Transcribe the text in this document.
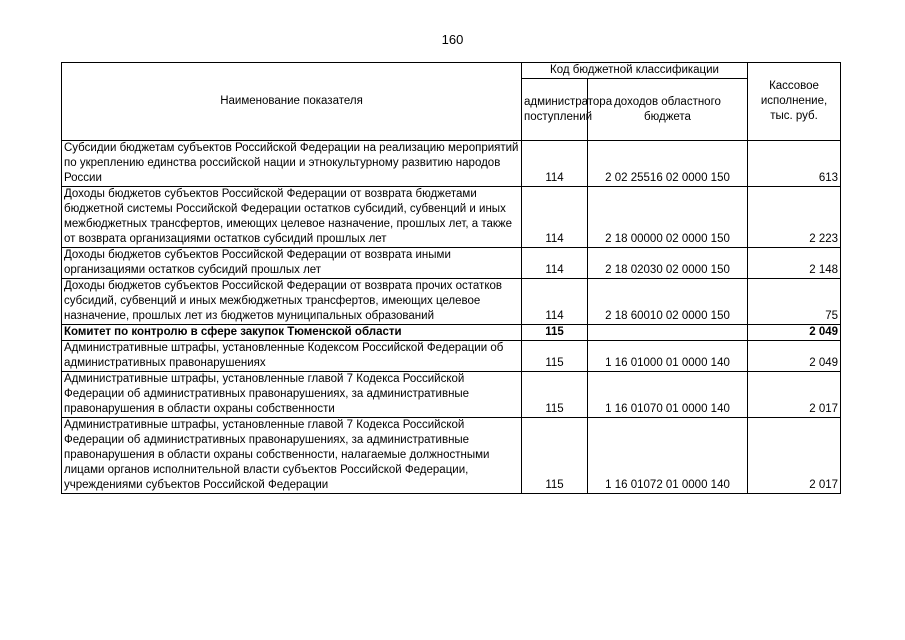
160
Наименование показателя	Код бюджетной классификации		Кассовое исполнение, тыс. руб.
	администратора поступлений	доходов областного бюджета	
Субсидии бюджетам субъектов Российской Федерации на реализацию мероприятий по укреплению единства российской нации и этнокультурному развитию народов России	114	2 02 25516 02 0000 150	613
Доходы бюджетов субъектов Российской Федерации от возврата бюджетами бюджетной системы Российской Федерации остатков субсидий, субвенций и иных межбюджетных трансфертов, имеющих целевое назначение, прошлых лет, а также от возврата организациями остатков субсидий прошлых лет	114	2 18 00000 02 0000 150	2 223
Доходы бюджетов субъектов Российской Федерации от возврата иными организациями остатков субсидий прошлых лет	114	2 18 02030 02 0000 150	2 148
Доходы бюджетов субъектов Российской Федерации от возврата прочих остатков субсидий, субвенций и иных межбюджетных трансфертов, имеющих целевое назначение, прошлых лет из бюджетов муниципальных образований	114	2 18 60010 02 0000 150	75
Комитет по контролю в сфере закупок Тюменской области	115		2 049
Административные штрафы, установленные Кодексом Российской Федерации об административных правонарушениях	115	1 16 01000 01 0000 140	2 049
Административные штрафы, установленные главой 7 Кодекса Российской Федерации об административных правонарушениях, за административные правонарушения в области охраны собственности	115	1 16 01070 01 0000 140	2 017
Административные штрафы, установленные главой 7 Кодекса Российской Федерации об административных правонарушениях, за административные правонарушения в области охраны собственности, налагаемые должностными лицами органов исполнительной власти субъектов Российской Федерации, учреждениями субъектов Российской Федерации	115	1 16 01072 01 0000 140	2 017
